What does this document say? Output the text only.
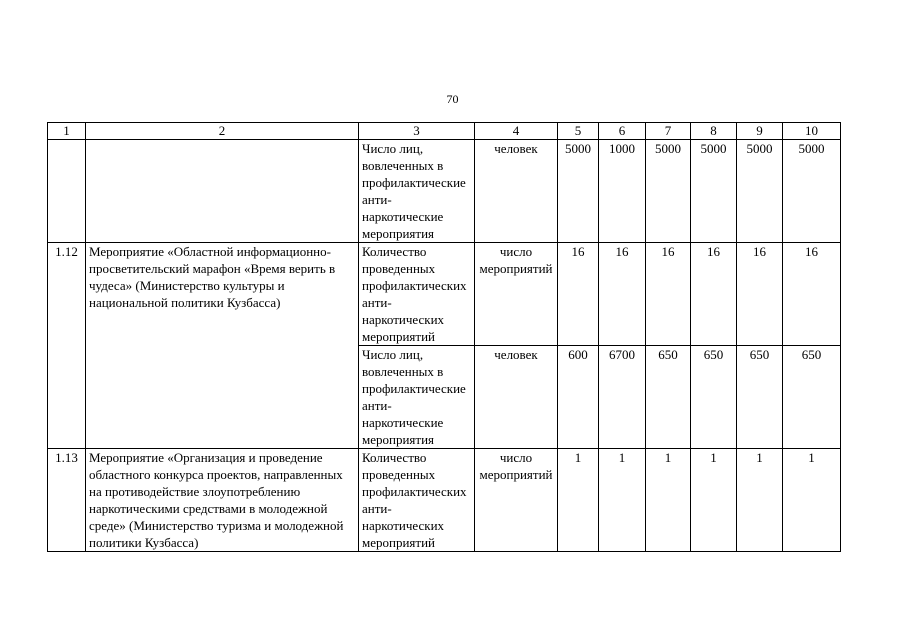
70
1	2	3	4	5	6	7	8	9	10
		Число лиц, вовлеченных в профилактические анти-наркотические мероприятия	человек	5000	1000	5000	5000	5000	5000
1.12	Мероприятие «Областной информационно-просветительский марафон «Время верить в чудеса» (Министерство культуры и национальной политики Кузбасса)	Количество проведенных профилактических анти-наркотических мероприятий	число мероприятий	16	16	16	16	16	16
		Число лиц, вовлеченных в профилактические анти-наркотические мероприятия	человек	600	6700	650	650	650	650
1.13	Мероприятие «Организация и проведение областного конкурса проектов, направленных на противодействие злоупотреблению наркотическими средствами в молодежной среде» (Министерство туризма и молодежной политики Кузбасса)	Количество проведенных профилактических анти-наркотических мероприятий	число мероприятий	1	1	1	1	1	1
